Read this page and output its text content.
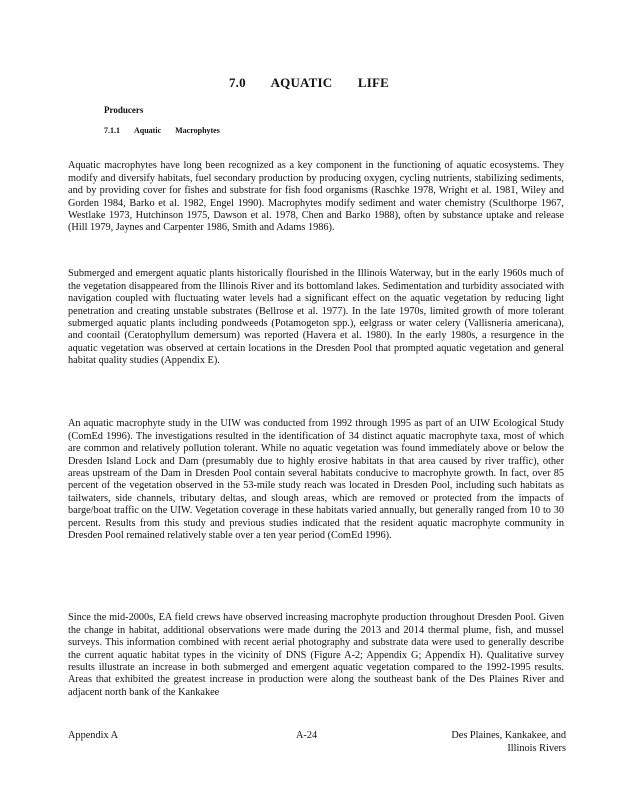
7.0 AQUATIC LIFE
Producers
7.1.1 Aquatic Macrophytes

Aquatic macrophytes have long been recognized as a key component in the functioning of aquatic ecosystems. They modify and diversify habitats, fuel secondary production by producing oxygen, cycling nutrients, stabilizing sediments, and by providing cover for fishes and substrate for fish food organisms (Raschke 1978, Wright et al. 1981, Wiley and Gorden 1984, Barko et al. 1982, Engel 1990). Macrophytes modify sediment and water chemistry (Sculthorpe 1967, Westlake 1973, Hutchinson 1975, Dawson et al. 1978, Chen and Barko 1988), often by substance uptake and release (Hill 1979, Jaynes and Carpenter 1986, Smith and Adams 1986).

Submerged and emergent aquatic plants historically flourished in the Illinois Waterway, but in the early 1960s much of the vegetation disappeared from the Illinois River and its bottomland lakes. Sedimentation and turbidity associated with navigation coupled with fluctuating water levels had a significant effect on the aquatic vegetation by reducing light penetration and creating unstable substrates (Bellrose et al. 1977). In the late 1970s, limited growth of more tolerant submerged aquatic plants including pondweeds (Potamogeton spp.), eelgrass or water celery (Vallisneria americana), and coontail (Ceratophyllum demersum) was reported (Havera et al. 1980). In the early 1980s, a resurgence in the aquatic vegetation was observed at certain locations in the Dresden Pool that prompted aquatic vegetation and general habitat quality studies (Appendix E).

An aquatic macrophyte study in the UIW was conducted from 1992 through 1995 as part of an UIW Ecological Study (ComEd 1996). The investigations resulted in the identification of 34 distinct aquatic macrophyte taxa, most of which are common and relatively pollution tolerant. While no aquatic vegetation was found immediately above or below the Dresden Island Lock and Dam (presumably due to highly erosive habitats in that area caused by river traffic), other areas upstream of the Dam in Dresden Pool contain several habitats conducive to macrophyte growth. In fact, over 85 percent of the vegetation observed in the 53-mile study reach was located in Dresden Pool, including such habitats as tailwaters, side channels, tributary deltas, and slough areas, which are removed or protected from the impacts of barge/boat traffic on the UIW. Vegetation coverage in these habitats varied annually, but generally ranged from 10 to 30 percent. Results from this study and previous studies indicated that the resident aquatic macrophyte community in Dresden Pool remained relatively stable over a ten year period (ComEd 1996).

Since the mid-2000s, EA field crews have observed increasing macrophyte production throughout Dresden Pool. Given the change in habitat, additional observations were made during the 2013 and 2014 thermal plume, fish, and mussel surveys. This information combined with recent aerial photography and substrate data were used to generally describe the current aquatic habitat types in the vicinity of DNS (Figure A-2; Appendix G; Appendix H). Qualitative survey results illustrate an increase in both submerged and emergent aquatic vegetation compared to the 1992-1995 results. Areas that exhibited the greatest increase in production were along the southeast bank of the Des Plaines River and adjacent north bank of the Kankakee

Appendix A	A-24	Des Plaines, Kankakee, and Illinois Rivers
